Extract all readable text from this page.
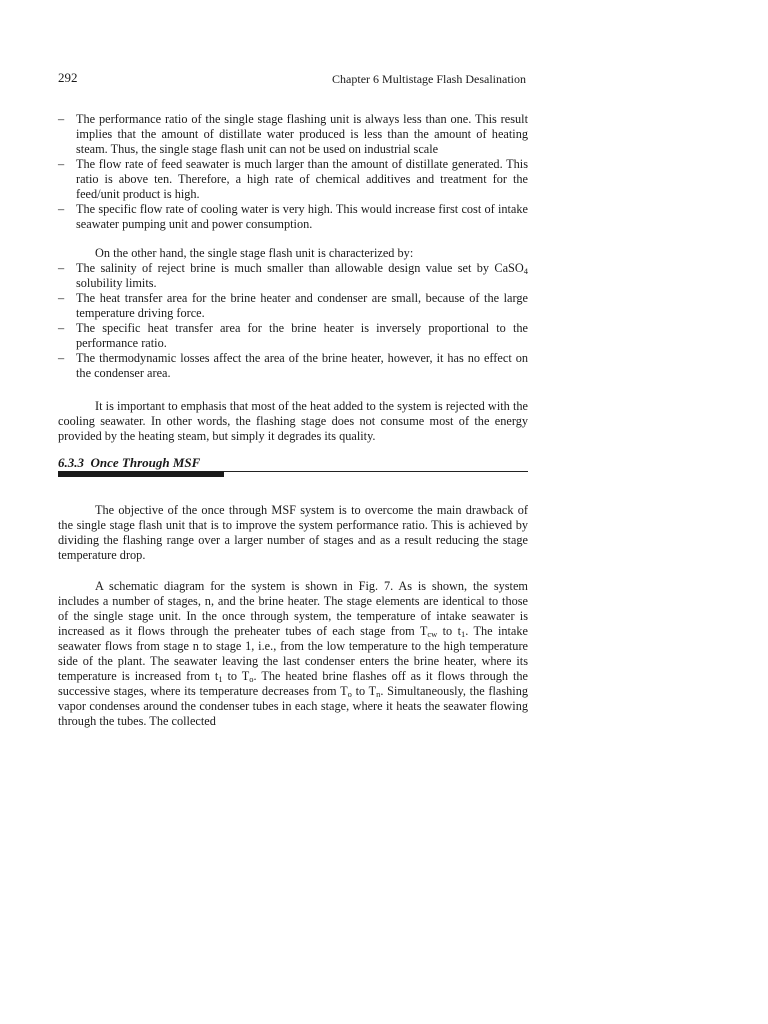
292	Chapter 6 Multistage Flash Desalination

– The performance ratio of the single stage flashing unit is always less than one. This result implies that the amount of distillate water produced is less than the amount of heating steam. Thus, the single stage flash unit can not be used on industrial scale
– The flow rate of feed seawater is much larger than the amount of distillate generated. This ratio is above ten. Therefore, a high rate of chemical additives and treatment for the feed/unit product is high.
– The specific flow rate of cooling water is very high. This would increase first cost of intake seawater pumping unit and power consumption.

On the other hand, the single stage flash unit is characterized by:

– The salinity of reject brine is much smaller than allowable design value set by CaSO$_4$ solubility limits.
– The heat transfer area for the brine heater and condenser are small, because of the large temperature driving force.
– The specific heat transfer area for the brine heater is inversely proportional to the performance ratio.
– The thermodynamic losses affect the area of the brine heater, however, it has no effect on the condenser area.

It is important to emphasis that most of the heat added to the system is rejected with the cooling seawater. In other words, the flashing stage does not consume most of the energy provided by the heating steam, but simply it degrades its quality.

6.3.3 Once Through MSF

The objective of the once through MSF system is to overcome the main drawback of the single stage flash unit that is to improve the system performance ratio. This is achieved by dividing the flashing range over a larger number of stages and as a result reducing the stage temperature drop.

A schematic diagram for the system is shown in Fig. 7. As is shown, the system includes a number of stages, n, and the brine heater. The stage elements are identical to those of the single stage unit. In the once through system, the temperature of intake seawater is increased as it flows through the preheater tubes of each stage from $T_{cw}$ to $t_1$. The intake seawater flows from stage n to stage 1, i.e., from the low temperature to the high temperature side of the plant. The seawater leaving the last condenser enters the brine heater, where its temperature is increased from $t_1$ to $T_o$. The heated brine flashes off as it flows through the successive stages, where its temperature decreases from $T_o$ to $T_n$. Simultaneously, the flashing vapor condenses around the condenser tubes in each stage, where it heats the seawater flowing through the tubes. The collected
